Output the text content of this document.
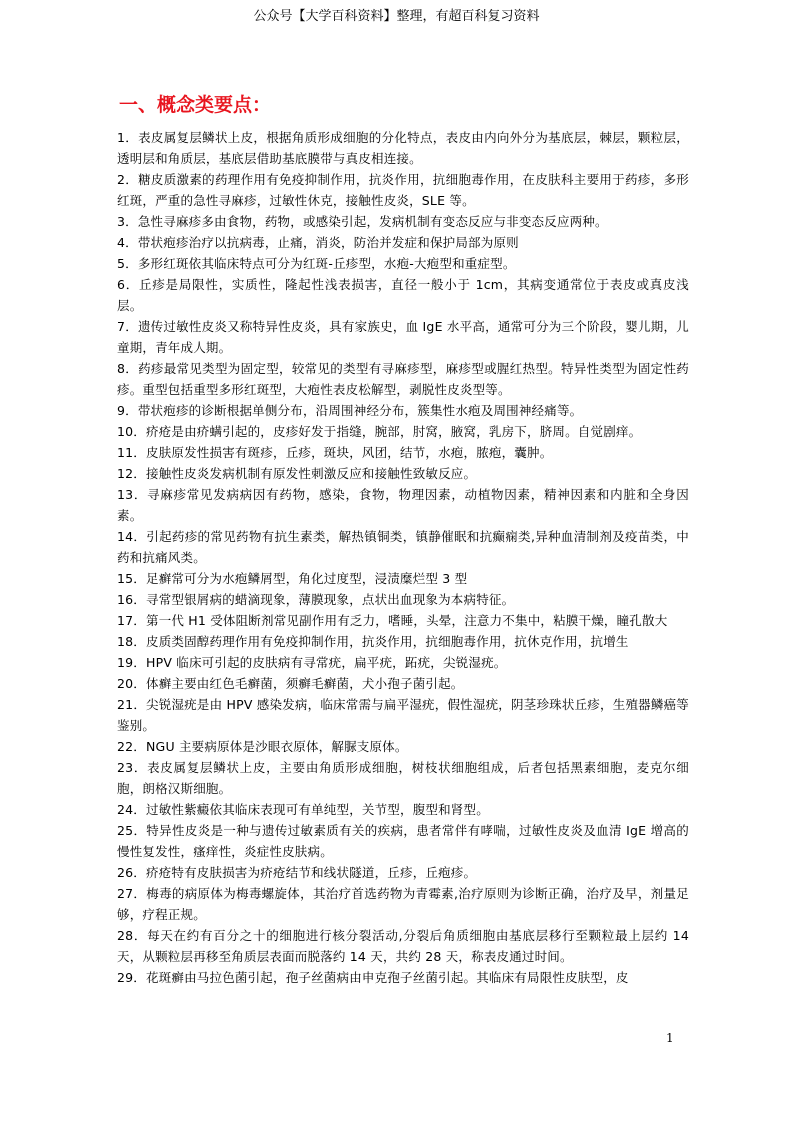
公众号【大学百科资料】整理，有超百科复习资料
一、概念类要点：

1．表皮属复层鳞状上皮，根据角质形成细胞的分化特点，表皮由内向外分为基底层，棘层，颗粒层，透明层和角质层，基底层借助基底膜带与真皮相连接。

2．糖皮质激素的药理作用有免疫抑制作用，抗炎作用，抗细胞毒作用，在皮肤科主要用于药疹，多形红斑，严重的急性寻麻疹，过敏性休克，接触性皮炎，SLE 等。

3．急性寻麻疹多由食物，药物，或感染引起，发病机制有变态反应与非变态反应两种。

4．带状疱疹治疗以抗病毒，止痛，消炎，防治并发症和保护局部为原则

5．多形红斑依其临床特点可分为红斑-丘疹型，水疱-大疱型和重症型。

6．丘疹是局限性，实质性，隆起性浅表损害，直径一般小于 1cm，其病变通常位于表皮或真皮浅层。

7．遗传过敏性皮炎又称特异性皮炎，具有家族史，血 IgE 水平高，通常可分为三个阶段，婴儿期，儿童期，青年成人期。

8．药疹最常见类型为固定型，较常见的类型有寻麻疹型，麻疹型或腥红热型。特异性类型为固定性药疹。重型包括重型多形红斑型，大疱性表皮松解型，剥脱性皮炎型等。

9．带状疱疹的诊断根据单侧分布，沿周围神经分布，簇集性水疱及周围神经痛等。

10．疥疮是由疥螨引起的，皮疹好发于指缝，腕部，肘窝，腋窝，乳房下，脐周。自觉剧痒。

11．皮肤原发性损害有斑疹，丘疹，斑块，风团，结节，水疱，脓疱，囊肿。

12．接触性皮炎发病机制有原发性刺激反应和接触性致敏反应。

13．寻麻疹常见发病病因有药物，感染，食物，物理因素，动植物因素，精神因素和内脏和全身因素。

14．引起药疹的常见药物有抗生素类，解热镇铜类，镇静催眠和抗癫痫类,异种血清制剂及疫苗类，中药和抗痛风类。

15．足癣常可分为水疱鳞屑型，角化过度型，浸渍糜烂型 3 型

16．寻常型银屑病的蜡滴现象，薄膜现象，点状出血现象为本病特征。

17．第一代 H1 受体阻断剂常见副作用有乏力，嗜睡，头晕，注意力不集中，粘膜干燥，瞳孔散大

18．皮质类固醇药理作用有免疫抑制作用，抗炎作用，抗细胞毒作用，抗休克作用，抗增生

19．HPV 临床可引起的皮肤病有寻常疣，扁平疣，跖疣，尖锐湿疣。

20．体癣主要由红色毛癣菌，须癣毛癣菌，犬小孢子菌引起。

21．尖锐湿疣是由 HPV 感染发病，临床常需与扁平湿疣，假性湿疣，阴茎珍珠状丘疹，生殖器鳞癌等鉴别。

22．NGU 主要病原体是沙眼衣原体，解脲支原体。

23．表皮属复层鳞状上皮，主要由角质形成细胞，树枝状细胞组成，后者包括黑素细胞，麦克尔细胞，朗格汉斯细胞。

24．过敏性紫癜依其临床表现可有单纯型，关节型，腹型和肾型。

25．特异性皮炎是一种与遗传过敏素质有关的疾病，患者常伴有哮喘，过敏性皮炎及血清 IgE 增高的慢性复发性，瘙痒性，炎症性皮肤病。

26．疥疮特有皮肤损害为疥疮结节和线状隧道，丘疹，丘疱疹。

27．梅毒的病原体为梅毒螺旋体，其治疗首选药物为青霉素,治疗原则为诊断正确，治疗及早，剂量足够，疗程正规。

28．每天在约有百分之十的细胞进行核分裂活动,分裂后角质细胞由基底层移行至颗粒最上层约 14 天，从颗粒层再移至角质层表面而脱落约 14 天，共约 28 天，称表皮通过时间。

29．花斑癣由马拉色菌引起，孢子丝菌病由申克孢子丝菌引起。其临床有局限性皮肤型，皮

1
